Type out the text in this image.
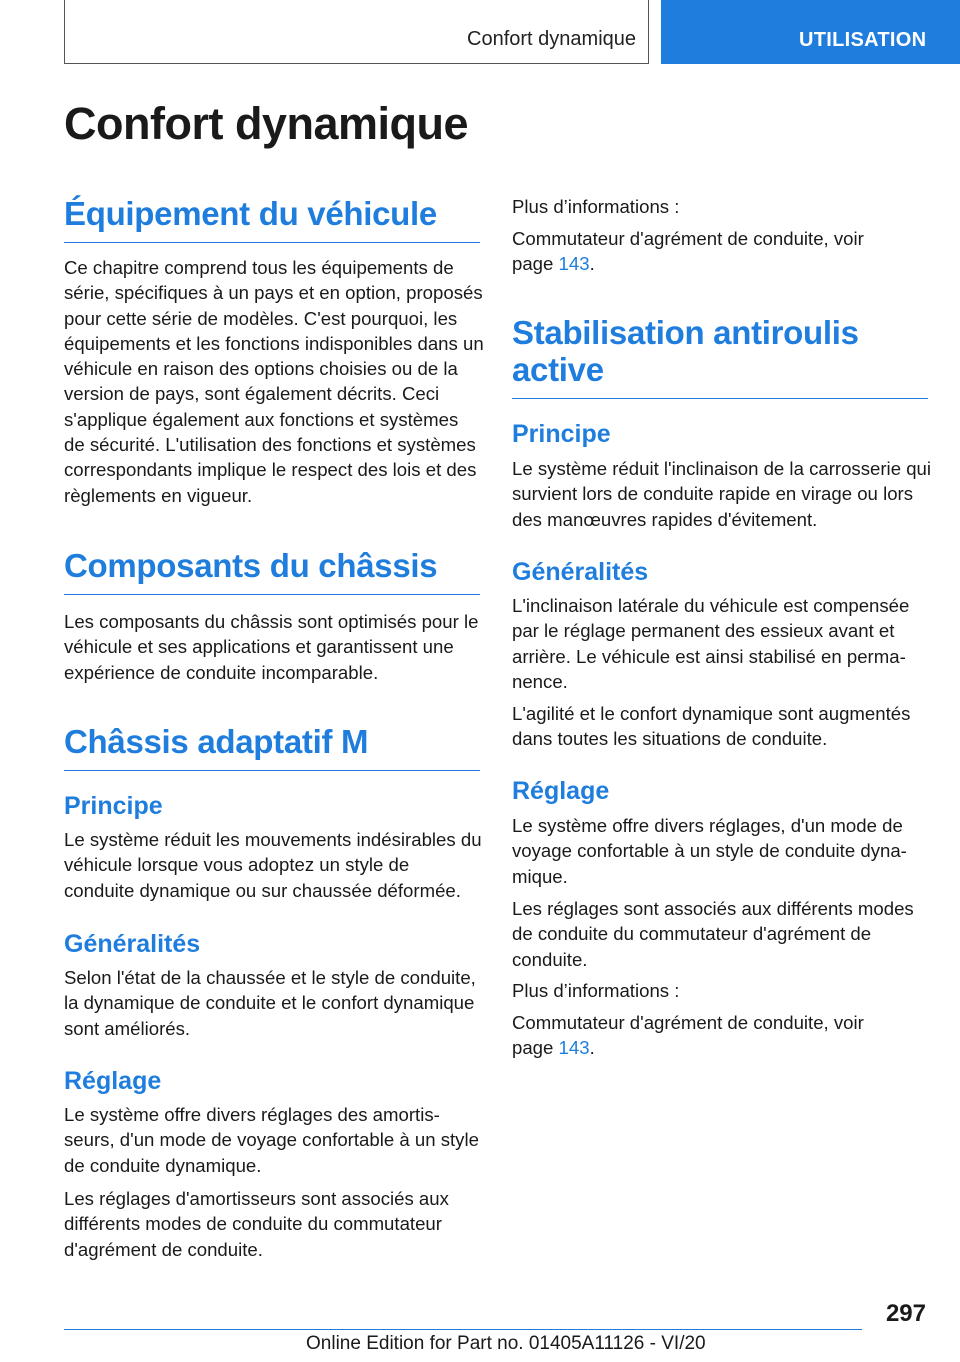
Confort dynamique	UTILISATION
Confort dynamique
Équipement du véhicule

Ce chapitre comprend tous les équipements de série, spécifiques à un pays et en option, proposés pour cette série de modèles. C'est pourquoi, les équipements et les fonctions indisponibles dans un véhicule en raison des options choisies ou de la version de pays, sont également décrits. Ceci s'applique également aux fonctions et systèmes de sécurité. L'utilisation des fonctions et systèmes correspondants implique le respect des lois et des règlements en vigueur.

Composants du châssis

Les composants du châssis sont optimisés pour le véhicule et ses applications et garantissent une expérience de conduite incomparable.

Châssis adaptatif M
Principe

Le système réduit les mouvements indésirables du véhicule lorsque vous adoptez un style de conduite dynamique ou sur chaussée déformée.

Généralités

Selon l'état de la chaussée et le style de conduite, la dynamique de conduite et le confort dynamique sont améliorés.

Réglage

Le système offre divers réglages des amortisseurs, d'un mode de voyage confortable à un style de conduite dynamique.

Les réglages d'amortisseurs sont associés aux différents modes de conduite du commutateur d'agrément de conduite.

Plus d’informations :

Commutateur d'agrément de conduite, voir page 143.

Stabilisation antiroulis active
Principe

Le système réduit l'inclinaison de la carrosserie qui survient lors de conduite rapide en virage ou lors des manœuvres rapides d'évitement.

Généralités

L'inclinaison latérale du véhicule est compensée par le réglage permanent des essieux avant et arrière. Le véhicule est ainsi stabilisé en permanence.

L'agilité et le confort dynamique sont augmentés dans toutes les situations de conduite.

Réglage

Le système offre divers réglages, d'un mode de voyage confortable à un style de conduite dynamique.

Les réglages sont associés aux différents modes de conduite du commutateur d'agrément de conduite.

Plus d’informations :

Commutateur d'agrément de conduite, voir page 143.

297
Online Edition for Part no. 01405A11126 - VI/20
